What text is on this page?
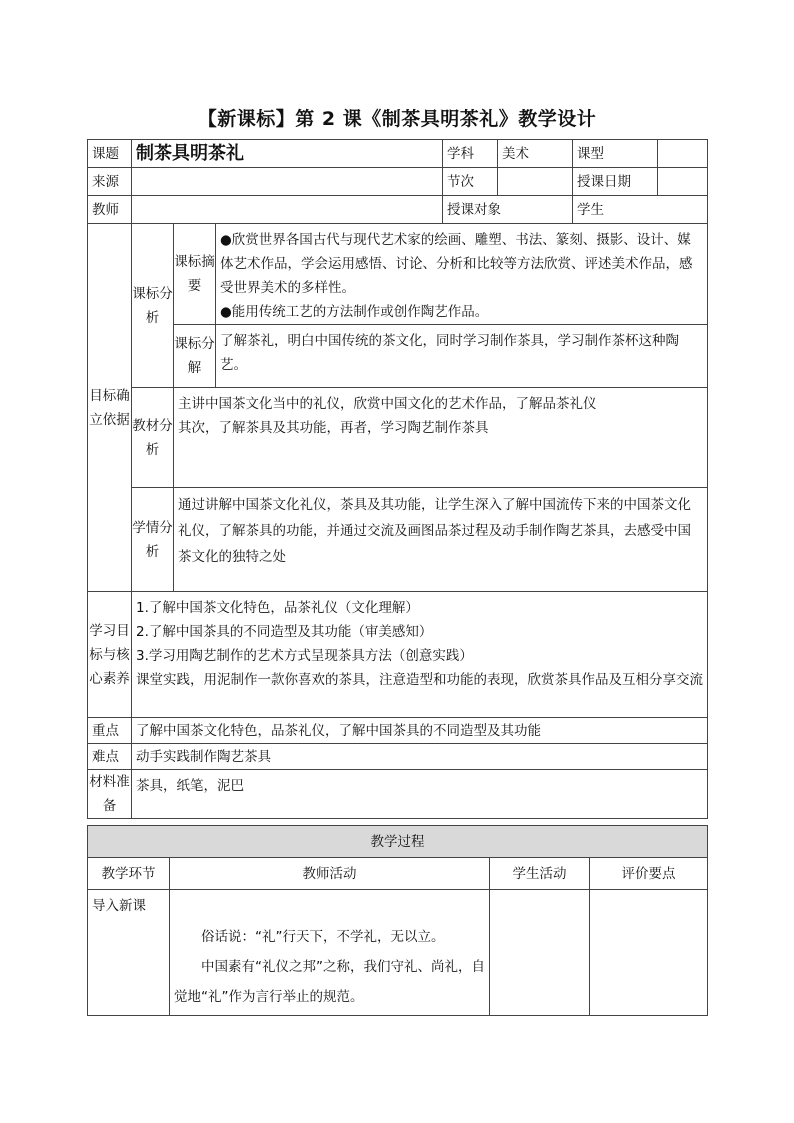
【新课标】第 2 课《制茶具明茶礼》教学设计
课题	制茶具明茶礼			学科	美术	课型	
来源				节次		授课日期	
教师				授课对象		学生	
目标确立依据	课标分析	课标摘要	●欣赏世界各国古代与现代艺术家的绘画、雕塑、书法、篆刻、摄影、设计、媒体艺术作品，学会运用感悟、讨论、分析和比较等方法欣赏、评述美术作品，感受世界美术的多样性。
●能用传统工艺的方法制作或创作陶艺作品。				

		课标分解	了解茶礼，明白中国传统的茶文化，同时学习制作茶具，学习制作茶杯这种陶艺。				
	教材分析	主讲中国茶文化当中的礼仪，欣赏中国文化的艺术作品，了解品茶礼仪
其次，了解茶具及其功能，再者，学习陶艺制作茶具					

	学情分析	通过讲解中国茶文化礼仪，茶具及其功能，让学生深入了解中国流传下来的中国茶文化礼仪，了解茶具的功能，并通过交流及画图品茶过程及动手制作陶艺茶具，去感受中国茶文化的独特之处					
学习目标与核心素养	1.了解中国茶文化特色，品茶礼仪（文化理解）
2.了解中国茶具的不同造型及其功能（审美感知）
3.学习用陶艺制作的艺术方式呈现茶具方法（创意实践）
课堂实践，用泥制作一款你喜欢的茶具，注意造型和功能的表现，欣赏茶具作品及互相分享交流						

重点	了解中国茶文化特色，品茶礼仪，了解中国茶具的不同造型及其功能						
难点	动手实践制作陶艺茶具						
材料准备	茶具，纸笔，泥巴						
教学过程			
教学环节	教师活动	学生活动	评价要点
导入新课	俗话说：“礼”行天下，不学礼，无以立。

中国素有“礼仪之邦”之称，我们守礼、尚礼，自觉地“礼”作为言行举止的规范。		
